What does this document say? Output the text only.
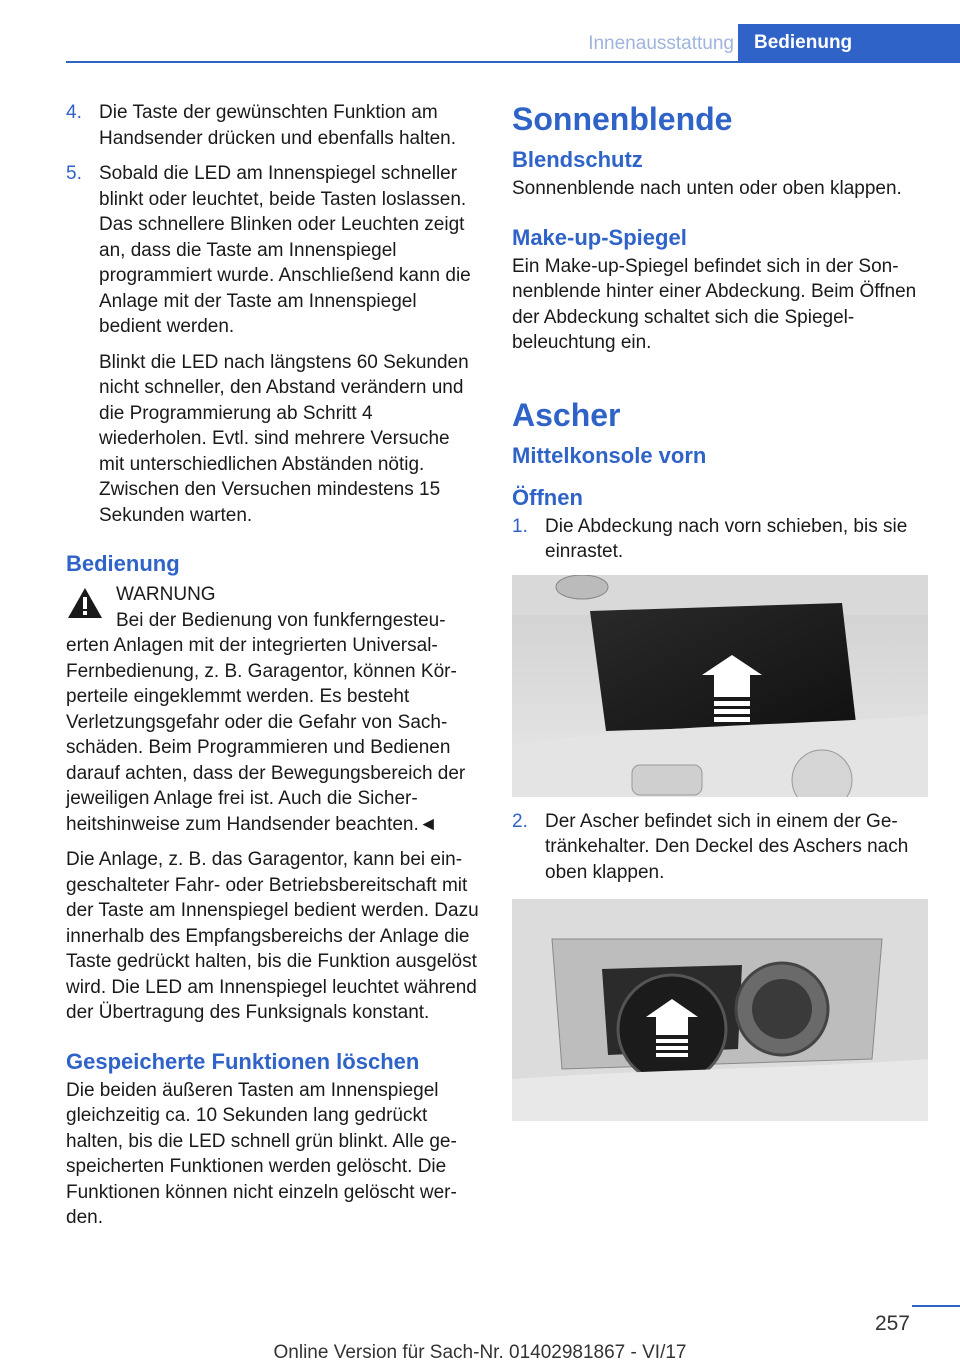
Innenausstattung	Bedienung
4. Die Taste der gewünschten Funktion am Handsender drücken und ebenfalls halten.
5. Sobald die LED am Innenspiegel schneller blinkt oder leuchtet, beide Tasten loslassen. Das schnellere Blinken oder Leuchten zeigt an, dass die Taste am Innenspiegel programmiert wurde. Anschließend kann die Anlage mit der Taste am Innenspiegel bedient werden.

Blinkt die LED nach längstens 60 Sekunden nicht schneller, den Abstand verändern und die Programmierung ab Schritt 4 wiederholen. Evtl. sind mehrere Versuche mit unterschiedlichen Abständen nötig. Zwischen den Versuchen mindestens 15 Sekunden warten.

Bedienung
WARNUNG

Bei der Bedienung von funkferngesteuerten Anlagen mit der integrierten Universal-Fernbedienung, z. B. Garagentor, können Körperteile eingeklemmt werden. Es besteht Verletzungsgefahr oder die Gefahr von Sachschäden. Beim Programmieren und Bedienen darauf achten, dass der Bewegungsbereich der jeweiligen Anlage frei ist. Auch die Sicherheitshinweise zum Handsender beachten.◄

Die Anlage, z. B. das Garagentor, kann bei eingeschalteter Fahr- oder Betriebsbereitschaft mit der Taste am Innenspiegel bedient werden. Dazu innerhalb des Empfangsbereichs der Anlage die Taste gedrückt halten, bis die Funktion ausgelöst wird. Die LED am Innenspiegel leuchtet während der Übertragung des Funksignals konstant.

Gespeicherte Funktionen löschen

Die beiden äußeren Tasten am Innenspiegel gleichzeitig ca. 10 Sekunden lang gedrückt halten, bis die LED schnell grün blinkt. Alle gespeicherten Funktionen werden gelöscht. Die Funktionen können nicht einzeln gelöscht werden.

Sonnenblende
Blendschutz

Sonnenblende nach unten oder oben klappen.

Make-up-Spiegel

Ein Make-up-Spiegel befindet sich in der Sonnenblende hinter einer Abdeckung. Beim Öffnen der Abdeckung schaltet sich die Spiegelbeleuchtung ein.

Ascher
Mittelkonsole vorn
Öffnen
1. Die Abdeckung nach vorn schieben, bis sie einrastet.
2. Der Ascher befindet sich in einem der Getränkehalter. Den Deckel des Aschers nach oben klappen.
257
Online Version für Sach-Nr. 01402981867 - VI/17
